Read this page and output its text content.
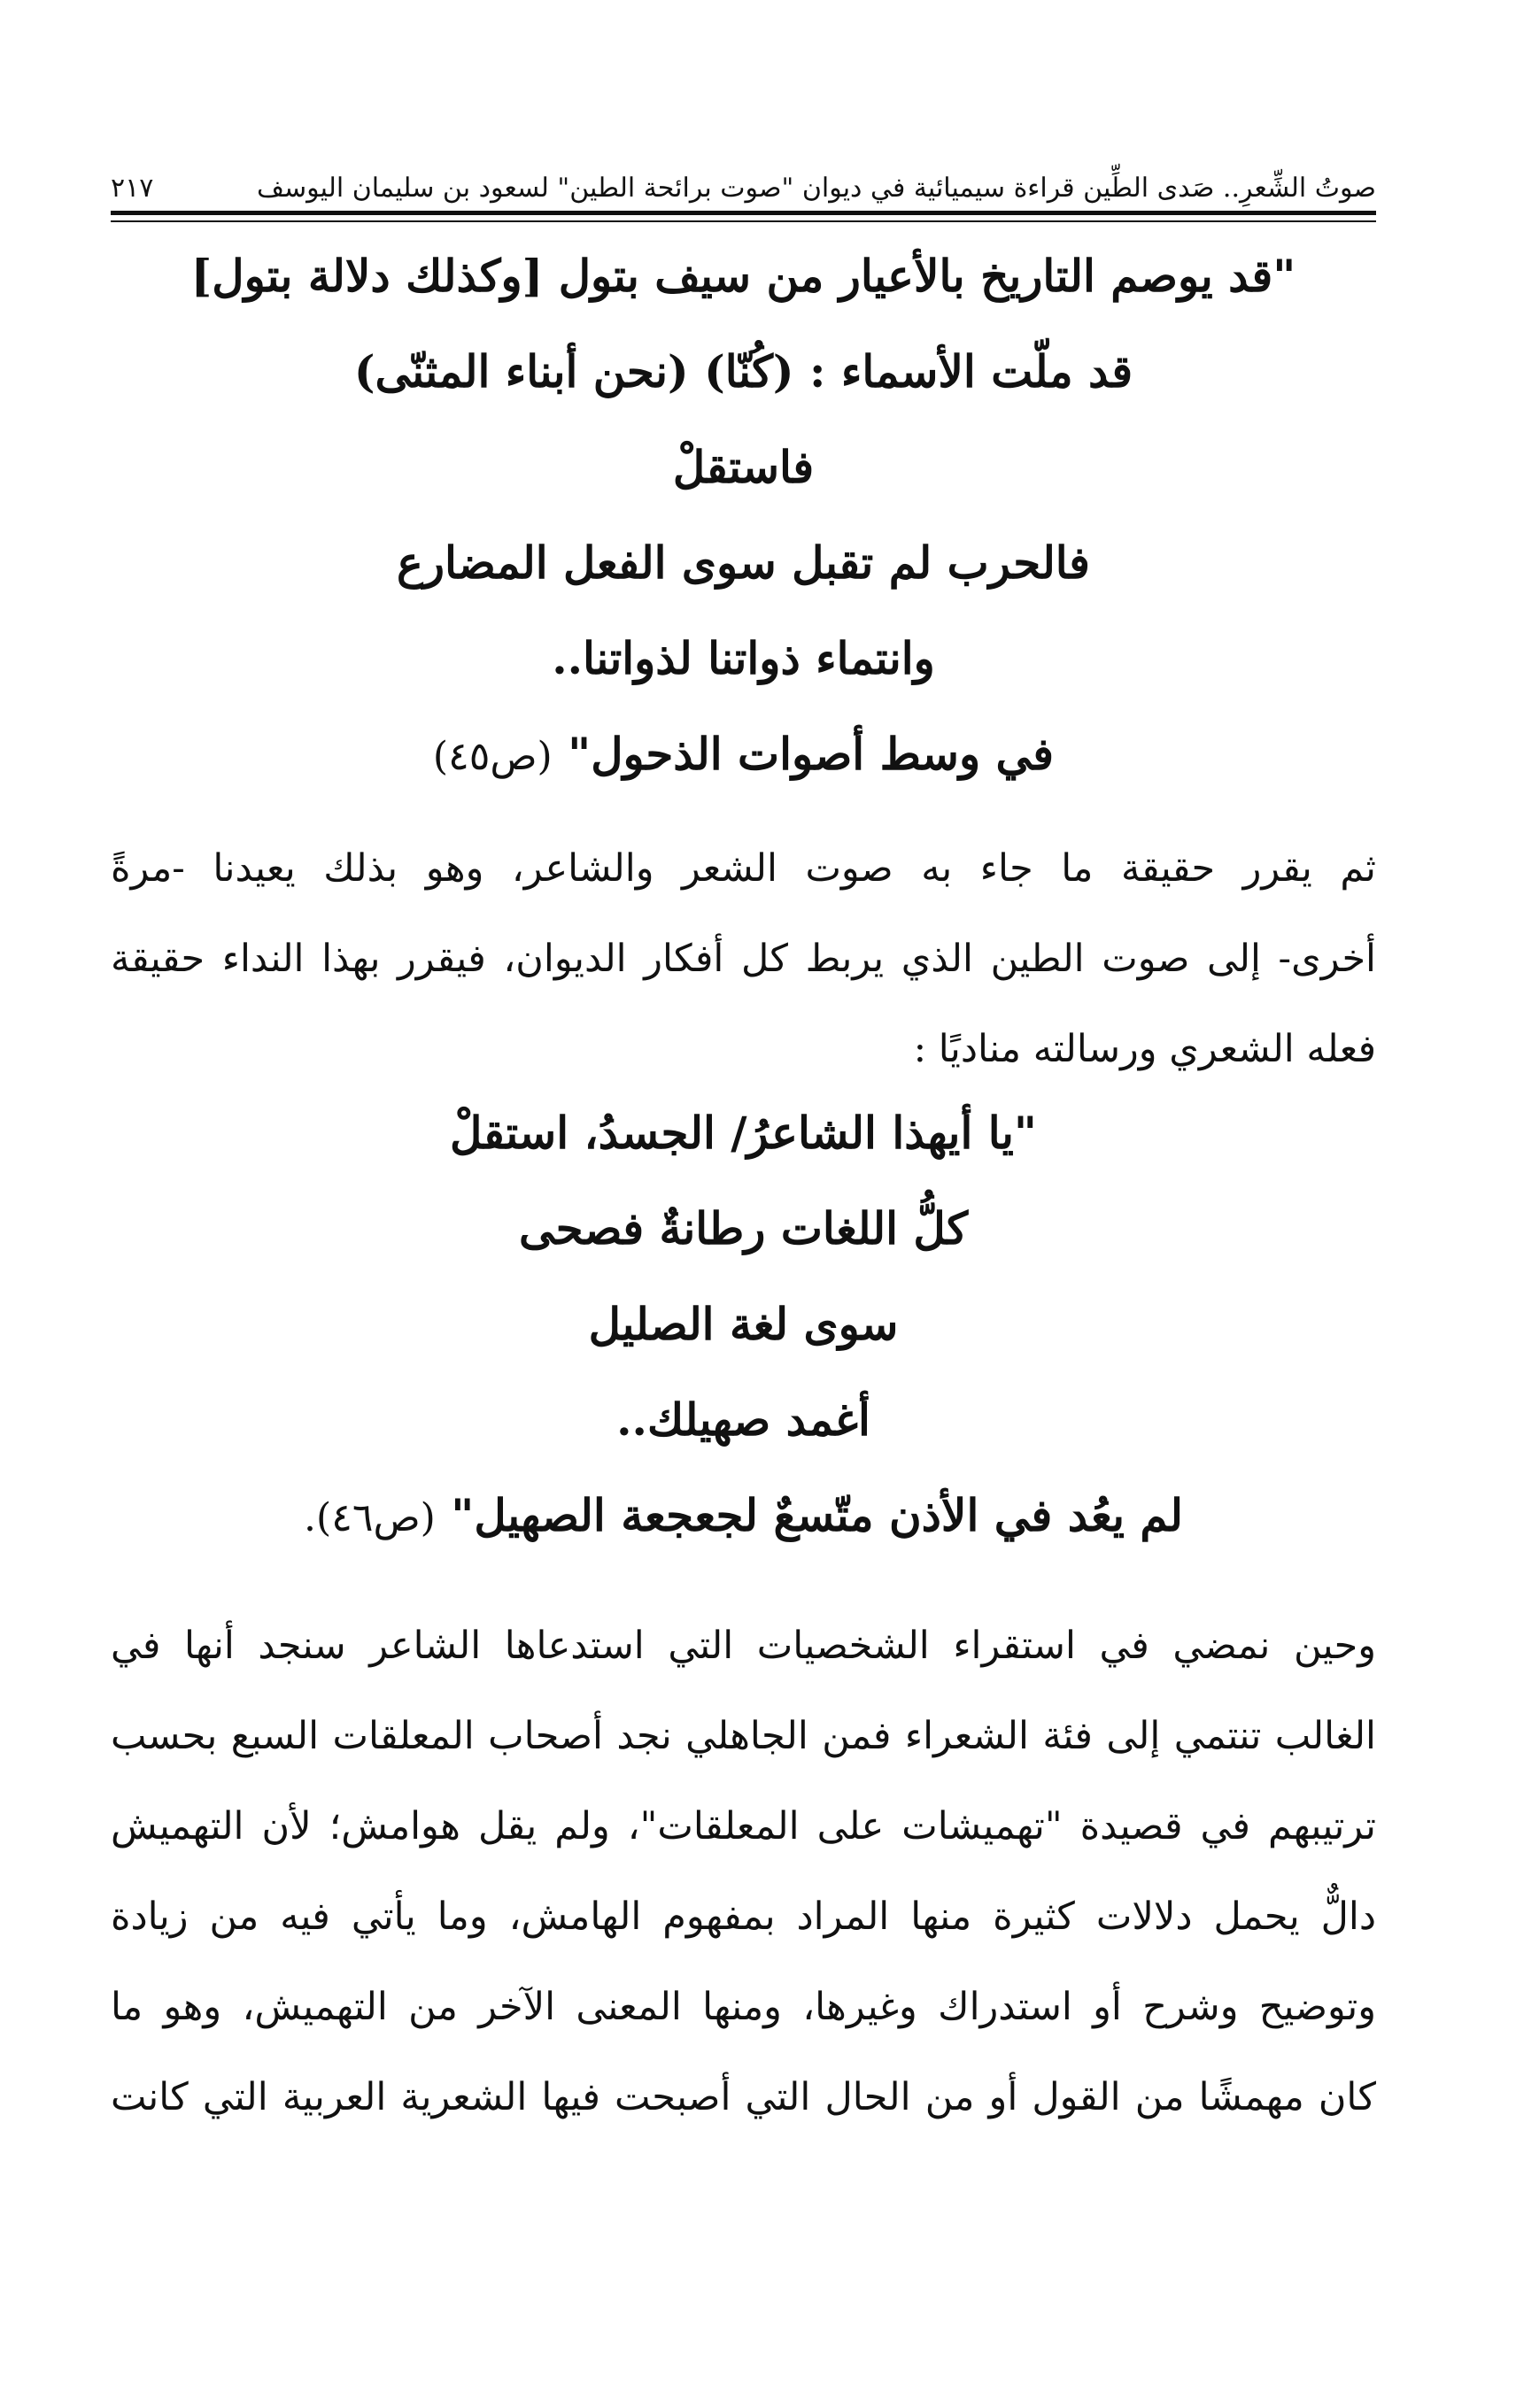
صوتُ الشِّعرِ.. صَدى الطِّين قراءة سيميائية في ديوان "صوت برائحة الطين" لسعود بن سليمان اليوسف
٢١٧
"قد يوصم التاريخ بالأعيار من سيف بتول [وكذلك دلالة بتول]
قد ملّت الأسماء : (كُنّا) (نحن أبناء المثنّى)
فاستقلْ
فالحرب لم تقبل سوى الفعل المضارع
وانتماء ذواتنا لذواتنا..
في وسط أصوات الذحول" (ص٤٥)
ثم يقرر حقيقة ما جاء به صوت الشعر والشاعر، وهو بذلك يعيدنا -مرةً
أخرى- إلى صوت الطين الذي يربط كل أفكار الديوان، فيقرر بهذا النداء حقيقة
فعله الشعري ورسالته مناديًا :
"يا أيهذا الشاعرُ/ الجسدُ، استقلْ
كلُّ اللغات رطانةٌ فصحى
سوى لغة الصليل
أغمد صهيلك..
لم يعُد في الأذن متّسعٌ لجعجعة الصهيل" (ص٤٦).
وحين نمضي في استقراء الشخصيات التي استدعاها الشاعر سنجد أنها في
الغالب تنتمي إلى فئة الشعراء فمن الجاهلي نجد أصحاب المعلقات السبع بحسب
ترتيبهم في قصيدة "تهميشات على المعلقات"، ولم يقل هوامش؛ لأن التهميش
دالٌّ يحمل دلالات كثيرة منها المراد بمفهوم الهامش، وما يأتي فيه من زيادة
وتوضيح وشرح أو استدراك وغيرها، ومنها المعنى الآخر من التهميش، وهو ما
كان مهمشًا من القول أو من الحال التي أصبحت فيها الشعرية العربية التي كانت
